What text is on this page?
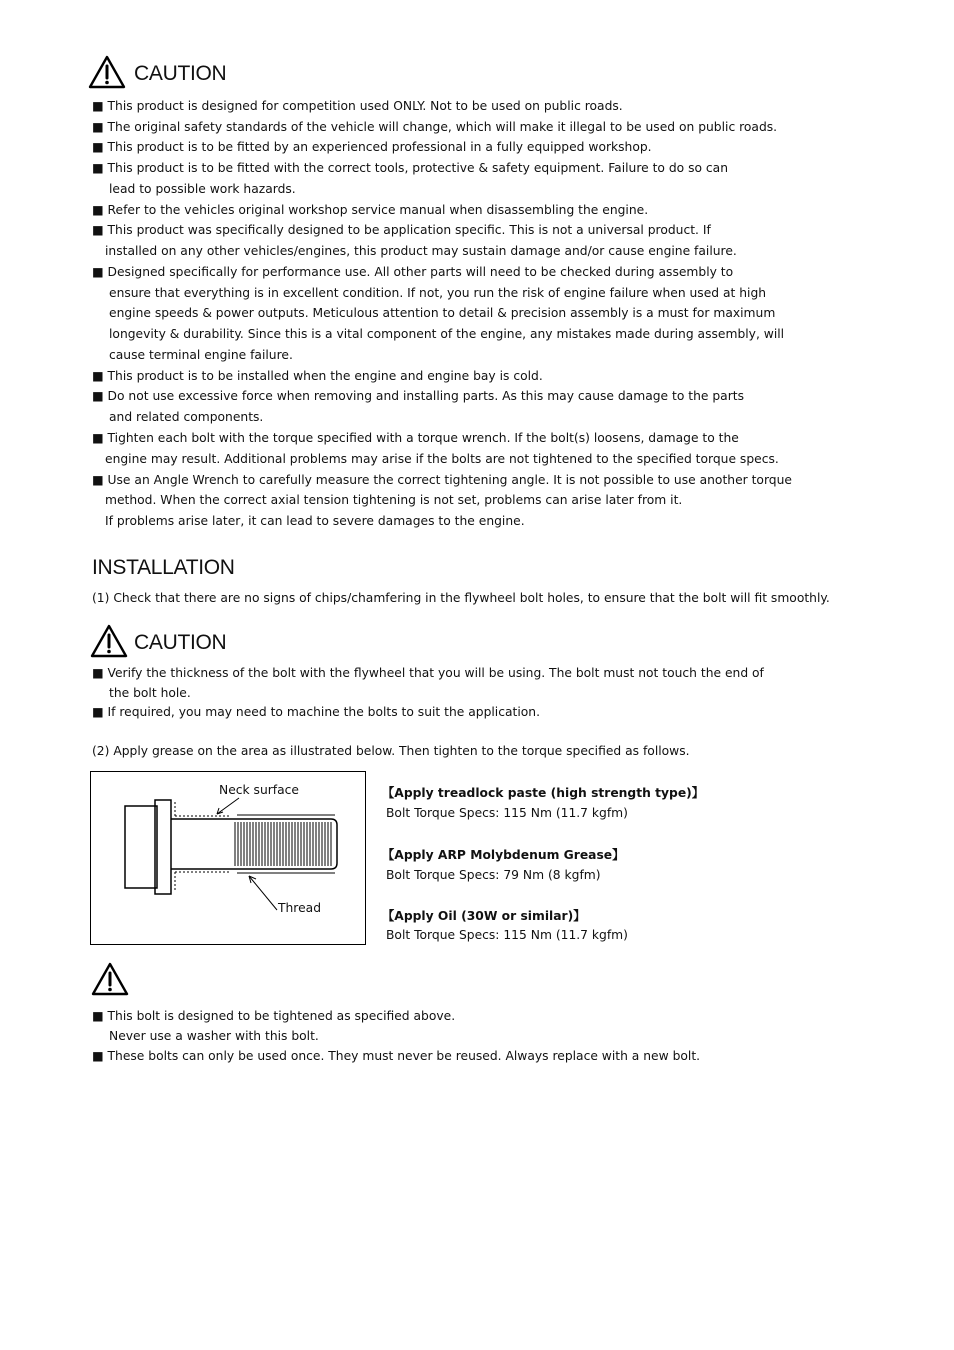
CAUTION
■ This product is designed for competition used ONLY. Not to be used on public roads.
■ The original safety standards of the vehicle will change, which will make it illegal to be used on public roads.
■ This product is to be fitted by an experienced professional in a fully equipped workshop.
■ This product is to be fitted with the correct tools, protective & safety equipment. Failure to do so can
lead to possible work hazards.
■ Refer to the vehicles original workshop service manual when disassembling the engine.
■ This product was specifically designed to be application specific. This is not a universal product. If
installed on any other vehicles/engines, this product may sustain damage and/or cause engine failure.
■ Designed specifically for performance use. All other parts will need to be checked during assembly to
ensure that everything is in excellent condition. If not, you run the risk of engine failure when used at high
engine speeds & power outputs. Meticulous attention to detail & precision assembly is a must for maximum
longevity & durability. Since this is a vital component of the engine, any mistakes made during assembly, will
cause terminal engine failure.
■ This product is to be installed when the engine and engine bay is cold.
■ Do not use excessive force when removing and installing parts. As this may cause damage to the parts
and related components.
■ Tighten each bolt with the torque specified with a torque wrench. If the bolt(s) loosens, damage to the
engine may result. Additional problems may arise if the bolts are not tightened to the specified torque specs.
■ Use an Angle Wrench to carefully measure the correct tightening angle. It is not possible to use another torque
method. When the correct axial tension tightening is not set, problems can arise later from it.
If problems arise later, it can lead to severe damages to the engine.
INSTALLATION
(1) Check that there are no signs of chips/chamfering in the flywheel bolt holes, to ensure that the bolt will fit smoothly.
CAUTION
■ Verify the thickness of the bolt with the flywheel that you will be using. The bolt must not touch the end of
the bolt hole.
■ If required, you may need to machine the bolts to suit the application.
(2) Apply grease on the area as illustrated below. Then tighten to the torque specified as follows.
Neck surface
Thread
【Apply treadlock paste (high strength type)】
Bolt Torque Specs: 115 Nm (11.7 kgfm)
【Apply ARP Molybdenum Grease】
Bolt Torque Specs: 79 Nm (8 kgfm)
【Apply Oil (30W or similar)】
Bolt Torque Specs: 115 Nm (11.7 kgfm)
■ This bolt is designed to be tightened as specified above.
Never use a washer with this bolt.
■ These bolts can only be used once. They must never be reused. Always replace with a new bolt.
